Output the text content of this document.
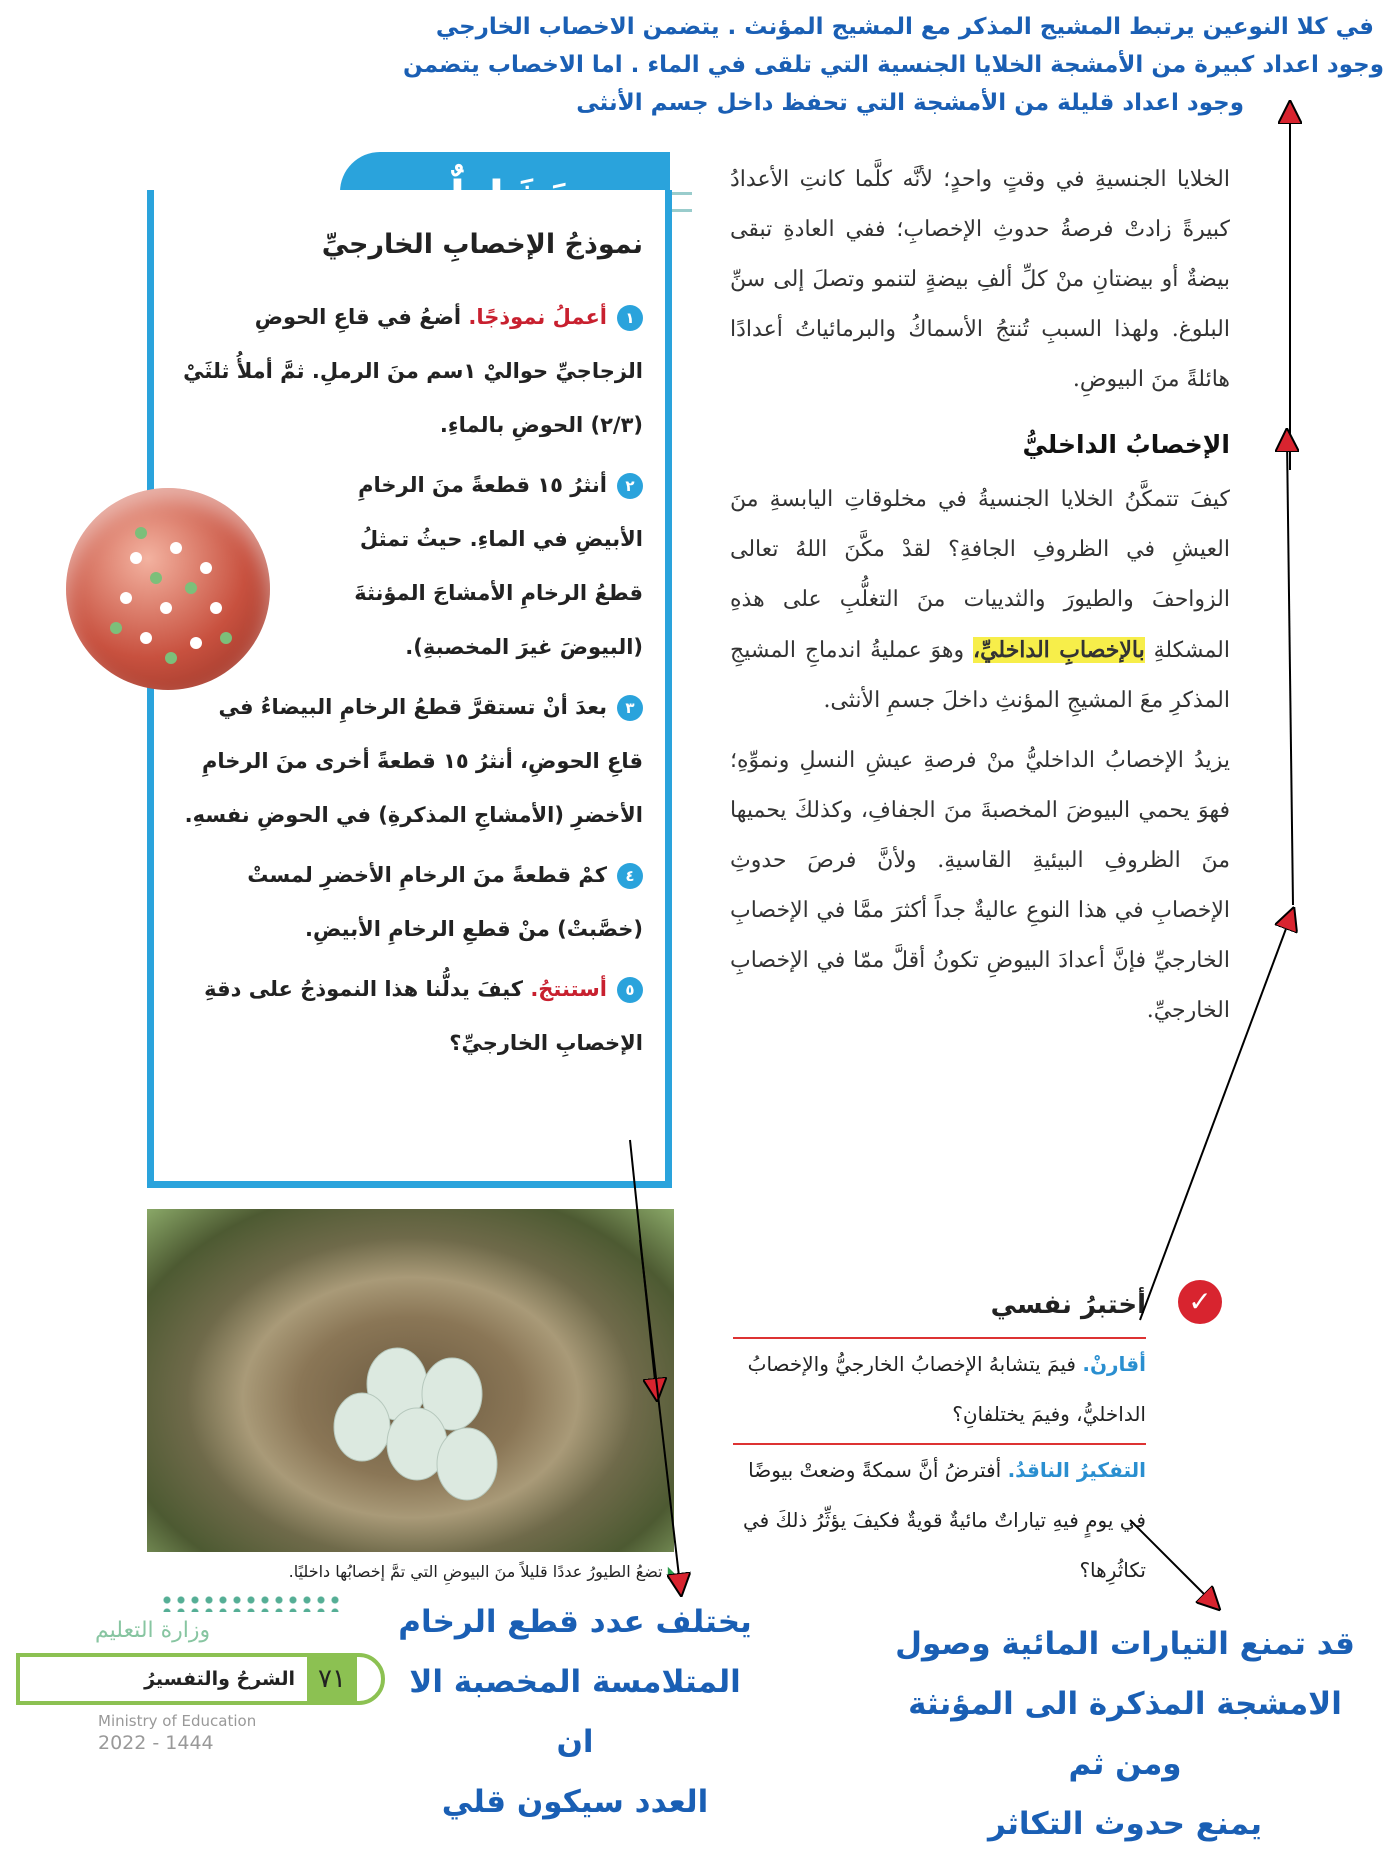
في كلا النوعين يرتبط المشيج المذكر مع المشيج المؤنث . يتضمن الاخصاب الخارجي
وجود اعداد كبيرة من الأمشجة الخلايا الجنسية التي تلقى في الماء . اما الاخصاب يتضمن
وجود اعداد قليلة من الأمشجة التي تحفظ داخل جسم الأنثى

الخلايا الجنسيةِ في وقتٍ واحدٍ؛ لأنَّه كلَّما كانتِ الأعدادُ كبيرةً زادتْ فرصةُ حدوثِ الإخصابِ؛ ففي العادةِ تبقى بيضةٌ أو بيضتانِ منْ كلِّ ألفِ بيضةٍ لتنمو وتصلَ إلى سنِّ البلوغ. ولهذا السببِ تُنتجُ الأسماكُ والبرمائياتُ أعدادًا هائلةً منَ البيوضِ.

الإخصابُ الداخليُّ

كيفَ تتمكَّنُ الخلايا الجنسيةُ في مخلوقاتِ اليابسةِ منَ العيشِ في الظروفِ الجافةِ؟ لقدْ مكَّنَ اللهُ تعالى الزواحفَ والطيورَ والثدييات منَ التغلُّبِ على هذهِ المشكلةِ بالإخصابِ الداخليِّ، وهوَ عمليةُ اندماجِ المشيجِ المذكرِ معَ المشيجِ المؤنثِ داخلَ جسمِ الأنثى.

يزيدُ الإخصابُ الداخليُّ منْ فرصةِ عيشِ النسلِ ونموِّهِ؛ فهوَ يحمي البيوضَ المخصبةَ منَ الجفافِ، وكذلكَ يحميها منَ الظروفِ البيئيةِ القاسيةِ. ولأنَّ فرصَ حدوثِ الإخصابِ في هذا النوعِ عاليةٌ جداً أكثرَ ممَّا في الإخصابِ الخارجيِّ فإنَّ أعدادَ البيوضِ تكونُ أقلَّ ممّا في الإخصابِ الخارجيِّ.

✓
أختبرُ نفسي

أقارنْ. فيمَ يتشابهُ الإخصابُ الخارجيُّ والإخصابُ الداخليُّ، وفيمَ يختلفانِ؟

التفكيرُ الناقدُ. أفترضُ أنَّ سمكةً وضعتْ بيوضًا في يومٍ فيهِ تياراتٌ مائيةٌ قويةٌ فكيفَ يؤثِّرُ ذلكَ في تكاثُرِها؟

نموذجُ الإخصابِ الخارجيِّ

١أعملُ نموذجًا. أضعُ في قاعِ الحوضِ الزجاجيِّ حواليْ ١سم منَ الرملِ. ثمَّ أملأُ ثلثَيْ (٢/٣) الحوضِ بالماءِ.

٢أنثرُ ١٥ قطعةً منَ الرخامِ الأبيضِ في الماءِ. حيثُ تمثلُ قطعُ الرخامِ الأمشاجَ المؤنثةَ (البيوضَ غيرَ المخصبةِ).

٣بعدَ أنْ تستقرَّ قطعُ الرخامِ البيضاءُ في قاعِ الحوضِ، أنثرُ ١٥ قطعةً أخرى منَ الرخامِ الأخضرِ (الأمشاجِ المذكرةِ) في الحوضِ نفسهِ.

٤كمْ قطعةً منَ الرخامِ الأخضرِ لمستْ (خصَّبتْ) منْ قطعِ الرخامِ الأبيضِ.

٥أستنتجُ. كيفَ يدلُّنا هذا النموذجُ على دقةِ الإخصابِ الخارجيِّ؟

◣ تضعُ الطيورُ عددًا قليلاً منَ البيوضِ التي تمَّ إخصابُها داخليًا.
وزارة التعليم
٧١
الشرحُ والتفسيرُ
Ministry of Education
2022 - 1444
يختلف عدد قطع الرخام
المتلامسة المخصبة الا ان
العدد سيكون قلي
قد تمنع التيارات المائية وصول
الامشجة المذكرة الى المؤنثة ومن ثم
يمنع حدوث التكاثر
